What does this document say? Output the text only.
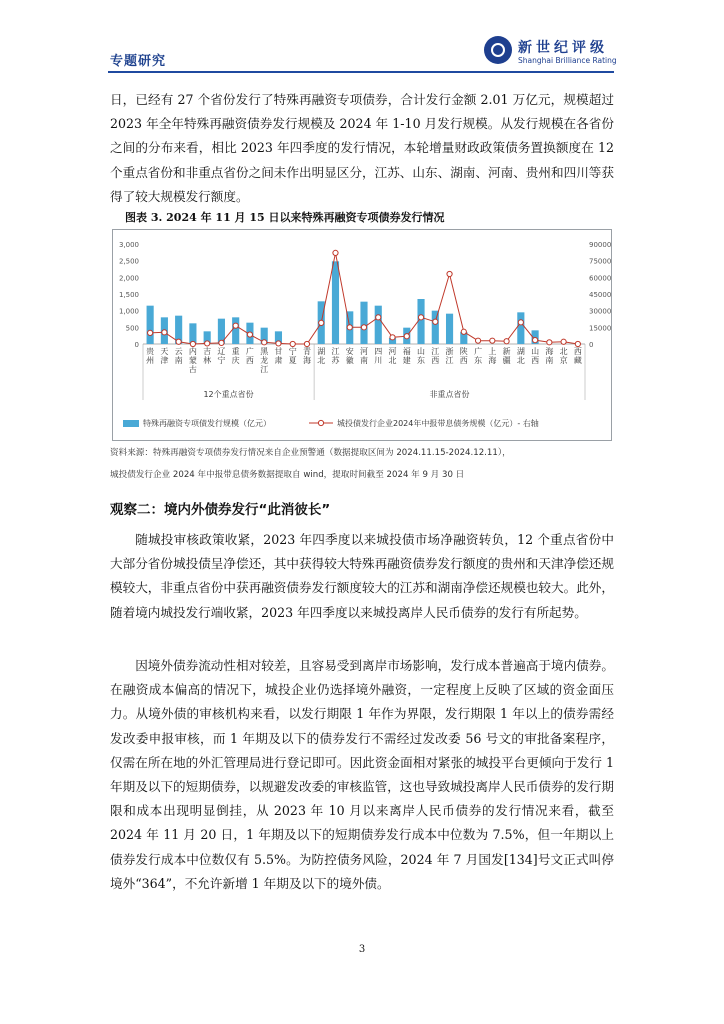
专题研究
新世纪评级
Shanghai Brilliance Rating
日，已经有 27 个省份发行了特殊再融资专项债券，合计发行金额 2.01 万亿元，规模超过 2023 年全年特殊再融资债券发行规模及 2024 年 1-10 月发行规模。从发行规模在各省份之间的分布来看，相比 2023 年四季度的发行情况，本轮增量财政政策债务置换额度在 12 个重点省份和非重点省份之间未作出明显区分，江苏、山东、湖南、河南、贵州和四川等获得了较大规模发行额度。
图表 3. 2024 年 11 月 15 日以来特殊再融资专项债券发行情况
0
500
1,000
1,500
2,000
2,500
3,000
0
15000
30000
45000
60000
75000
90000
贵
州
天
津
云
南
内
蒙
古
吉
林
辽
宁
重
庆
广
西
黑
龙
江
甘
肃
宁
夏
青
海
湖
北
江
苏
安
徽
河
南
四
川
河
北
福
建
山
东
江
西
浙
江
陕
西
广
东
上
海
新
疆
湖
北
山
西
海
南
北
京
西
藏
12个重点省份	非重点省份
特殊再融资专项债发行规模（亿元）	城投债发行企业2024年中报带息债务规模（亿元）- 右轴
资料来源：特殊再融资专项债券发行情况来自企业预警通（数据提取区间为 2024.11.15-2024.12.11），
城投债发行企业 2024 年中报带息债务数据提取自 wind，提取时间截至 2024 年 9 月 30 日
观察二：境内外债券发行“此消彼长”
随城投审核政策收紧，2023 年四季度以来城投债市场净融资转负，12 个重点省份中大部分省份城投债呈净偿还，其中获得较大特殊再融资债券发行额度的贵州和天津净偿还规模较大，非重点省份中获再融资债券发行额度较大的江苏和湖南净偿还规模也较大。此外，随着境内城投发行端收紧，2023 年四季度以来城投离岸人民币债券的发行有所起势。
因境外债券流动性相对较差，且容易受到离岸市场影响，发行成本普遍高于境内债券。在融资成本偏高的情况下，城投企业仍选择境外融资，一定程度上反映了区域的资金面压力。从境外债的审核机构来看，以发行期限 1 年作为界限，发行期限 1 年以上的债券需经发改委申报审核，而 1 年期及以下的债券发行不需经过发改委 56 号文的审批备案程序，仅需在所在地的外汇管理局进行登记即可。因此资金面相对紧张的城投平台更倾向于发行 1 年期及以下的短期债券，以规避发改委的审核监管，这也导致城投离岸人民币债券的发行期限和成本出现明显倒挂，从 2023 年 10 月以来离岸人民币债券的发行情况来看，截至 2024 年 11 月 20 日，1 年期及以下的短期债券发行成本中位数为 7.5%，但一年期以上债券发行成本中位数仅有 5.5%。为防控债务风险，2024 年 7 月国发[134]号文正式叫停境外“364”，不允许新增 1 年期及以下的境外债。
3
